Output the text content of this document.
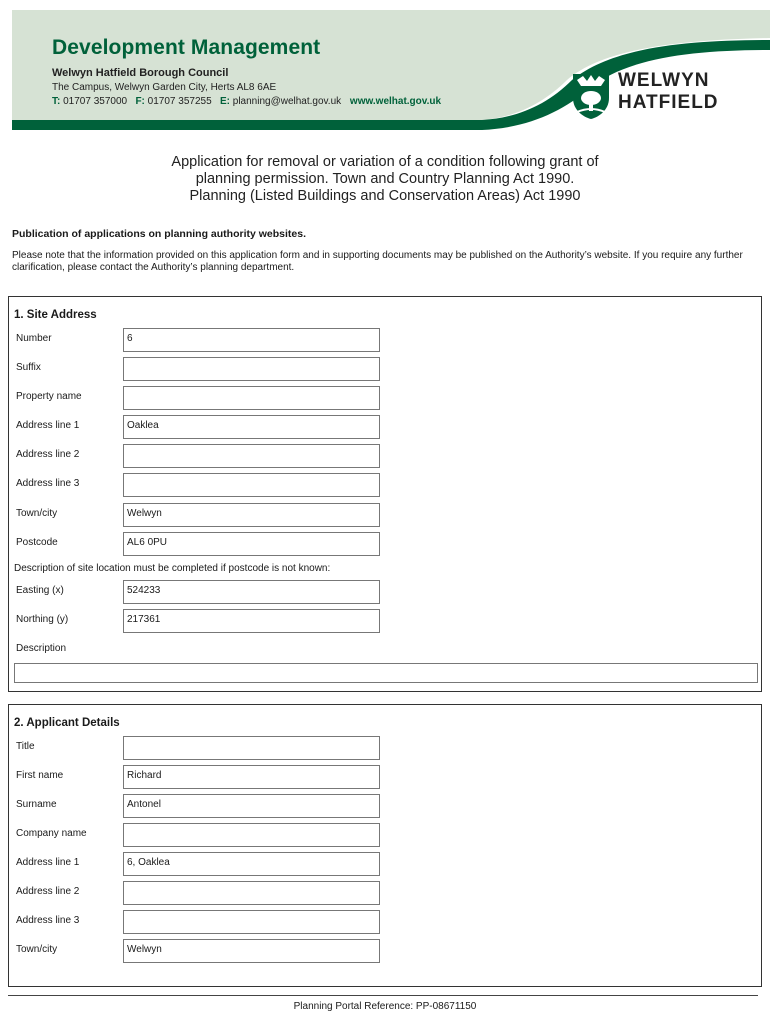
Development Management
Welwyn Hatfield Borough Council
The Campus, Welwyn Garden City, Herts AL8 6AE
T: 01707 357000 F: 01707 357255 E: planning@welhat.gov.uk www.welhat.gov.uk
WELWYN
HATFIELD
Application for removal or variation of a condition following grant of
planning permission. Town and Country Planning Act 1990.
Planning (Listed Buildings and Conservation Areas) Act 1990
Publication of applications on planning authority websites.
Please note that the information provided on this application form and in supporting documents may be published on the Authority’s website. If you require any further clarification, please contact the Authority’s planning department.
1. Site Address
Number	6
Suffix
Property name
Address line 1	Oaklea
Address line 2
Address line 3
Town/city	Welwyn
Postcode	AL6 0PU
Description of site location must be completed if postcode is not known:
Easting (x)	524233
Northing (y)	217361
Description
2. Applicant Details
Title
First name	Richard
Surname	Antonel
Company name
Address line 1	6, Oaklea
Address line 2
Address line 3
Town/city	Welwyn
Planning Portal Reference: PP-08671150
